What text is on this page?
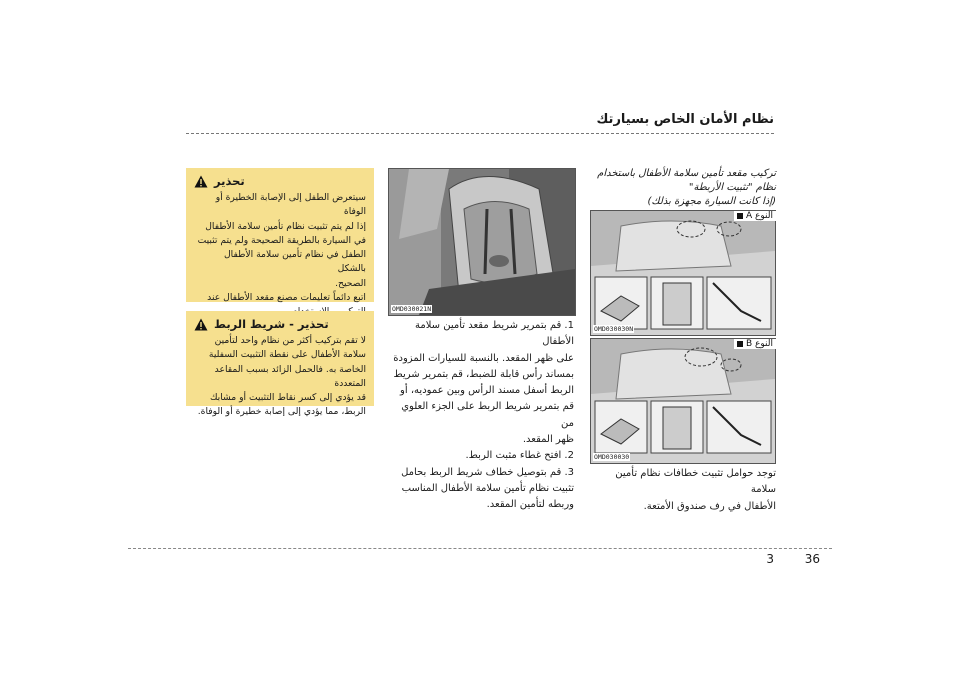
نظام الأمان الخاص بسيارتك
تحذير
سيتعرض الطفل إلى الإصابة الخطيرة أو الوفاة
إذا لم يتم تثبيت نظام تأمين سلامة الأطفال
في السيارة بالطريقة الصحيحة ولم يتم تثبيت
الطفل في نظام تأمين سلامة الأطفال بالشكل
الصحيح.
اتبع دائماً تعليمات مصنع مقعد الأطفال عند
تحذير - شريط الربط
لا تقم بتركيب أكثر من نظام واحد لتأمين
سلامة الأطفال على نقطة التثبيت السفلية
الخاصة به. فالحمل الزائد بسبب المقاعد المتعددة
قد يؤدي إلى كسر نقاط التثبيت أو مشابك
الربط، مما يؤدي إلى إصابة خطيرة أو الوفاة.
OMD030021N
1. قم بتمرير شريط مقعد تأمين سلامة الأطفال
على ظهر المقعد. بالنسبة للسيارات المزودة
بمساند رأس قابلة للضبط، قم بتمرير شريط
الربط أسفل مسند الرأس وبين عموديه، أو
قم بتمرير شريط الربط على الجزء العلوي من
ظهر المقعد.
2. افتح غطاء مثبت الربط.
3. قم بتوصيل خطاف شريط الربط بحامل
تثبيت نظام تأمين سلامة الأطفال المناسب
وربطه لتأمين المقعد.
تركيب مقعد تأمين سلامة الأطفال باستخدام
نظام "تثبيت الأربطة"
(إذا كانت السيارة مجهزة بذلك)
OMD030030N
النوع A
OMD030030
النوع B
توجد حوامل تثبيت خطافات نظام تأمين سلامة
الأطفال في رف صندوق الأمتعة.
3	36
